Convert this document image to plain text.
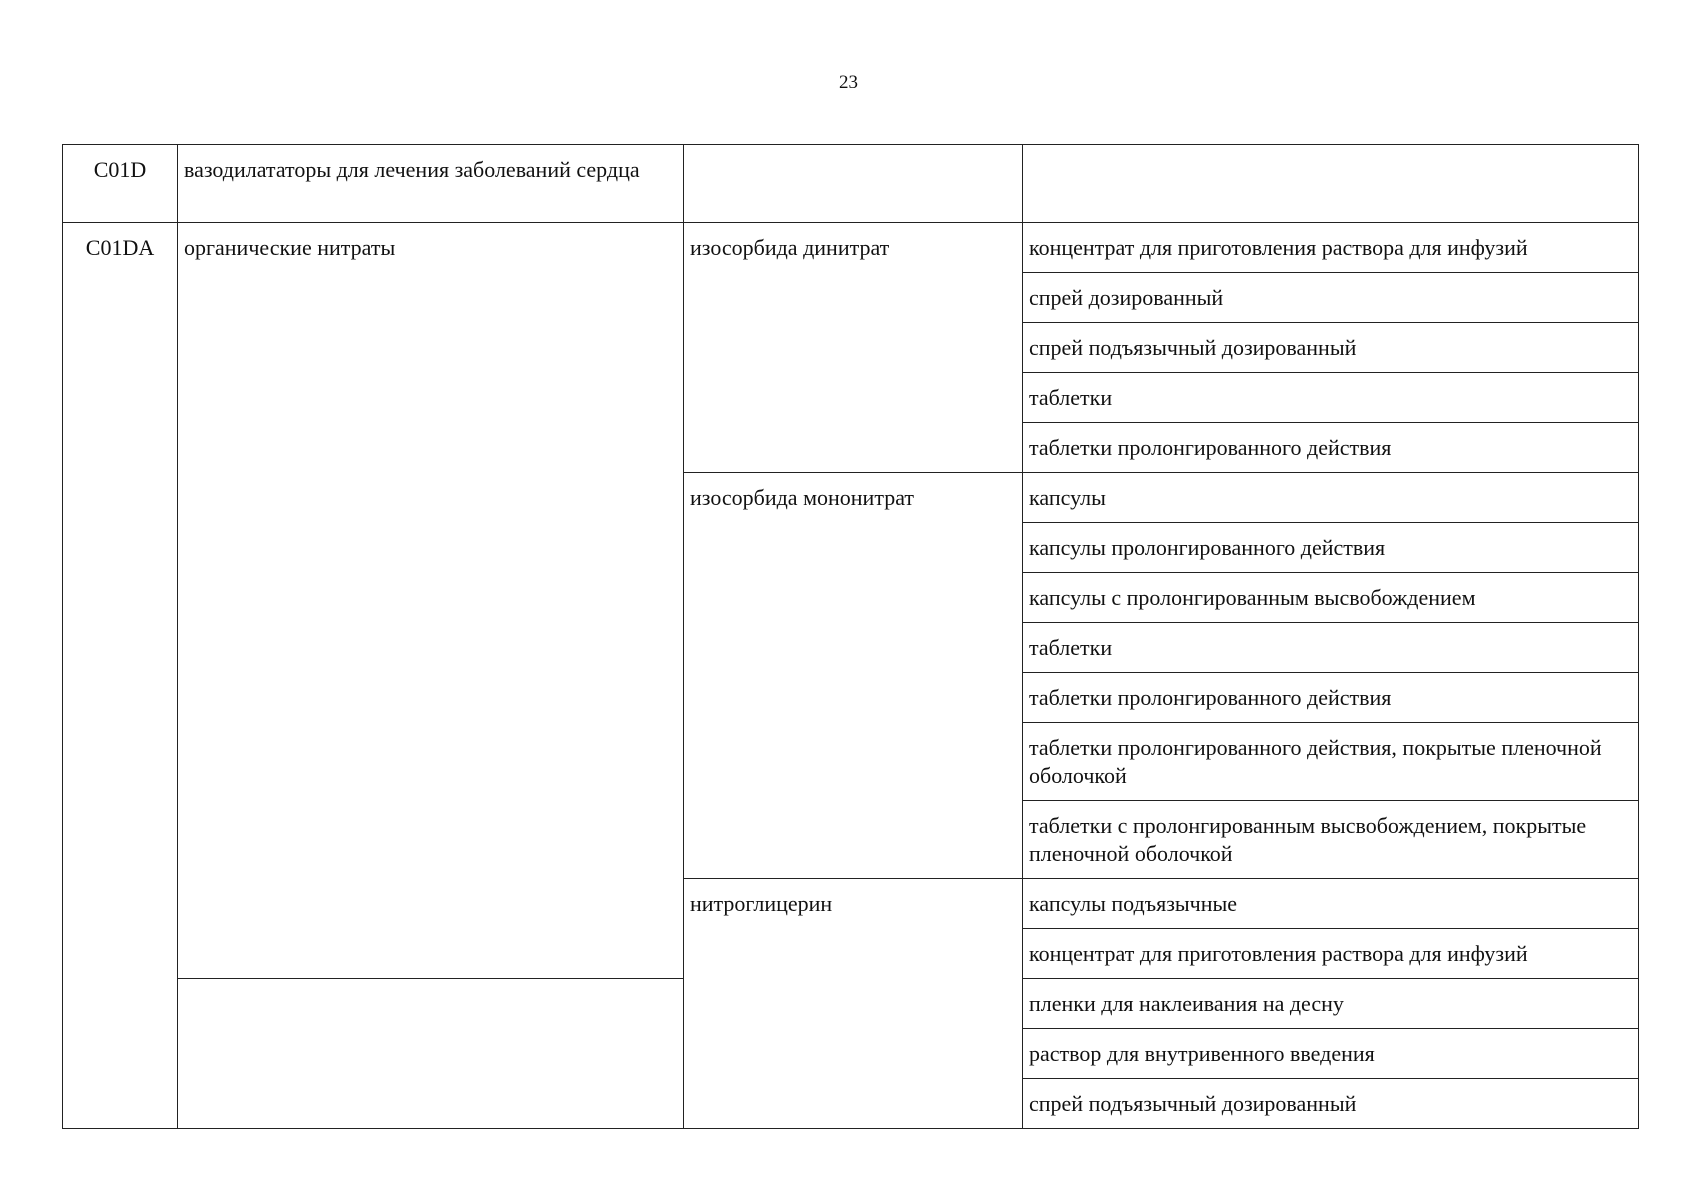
23
C01D	вазодилататоры для лечения заболеваний сердца		
C01DA	органические нитраты	изосорбида динитрат	концентрат для приготовления раствора для инфузий
			спрей дозированный
			спрей подъязычный дозированный
			таблетки
			таблетки пролонгированного действия
		изосорбида мононитрат	капсулы
			капсулы пролонгированного действия
			капсулы с пролонгированным высвобождением
			таблетки
			таблетки пролонгированного действия
			таблетки пролонгированного действия, покрытые пленочной оболочкой
			таблетки с пролонгированным высвобождением, покрытые пленочной оболочкой
		нитроглицерин	капсулы подъязычные
			концентрат для приготовления раствора для инфузий
			пленки для наклеивания на десну
			раствор для внутривенного введения
			спрей подъязычный дозированный
